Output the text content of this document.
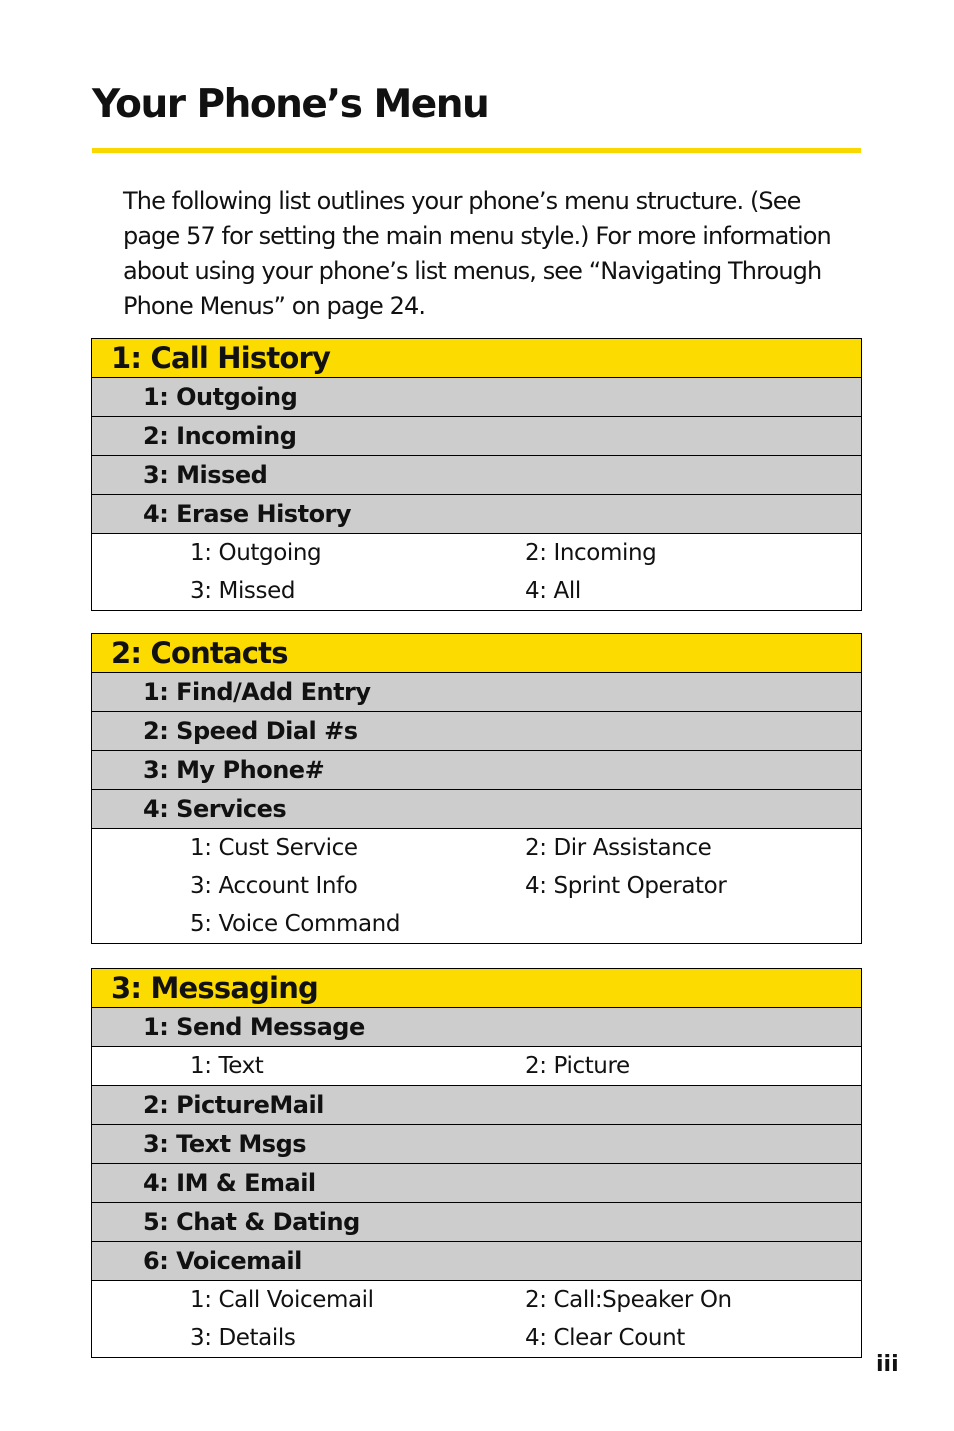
Your Phone’s Menu

The following list outlines your phone’s menu structure. (See page 57 for setting the main menu style.) For more information about using your phone’s list menus, see “Navigating Through Phone Menus” on page 24.

1: Call History
1: Outgoing
2: Incoming
3: Missed
4: Erase History
1: Outgoing	2: Incoming
3: Missed	4: All
2: Contacts
1: Find/Add Entry
2: Speed Dial #s
3: My Phone#
4: Services
1: Cust Service	2: Dir Assistance
3: Account Info	4: Sprint Operator
5: Voice Command
3: Messaging
1: Send Message
1: Text	2: Picture
2: PictureMail
3: Text Msgs
4: IM & Email
5: Chat & Dating
6: Voicemail
1: Call Voicemail	2: Call:Speaker On
3: Details	4: Clear Count
iii
